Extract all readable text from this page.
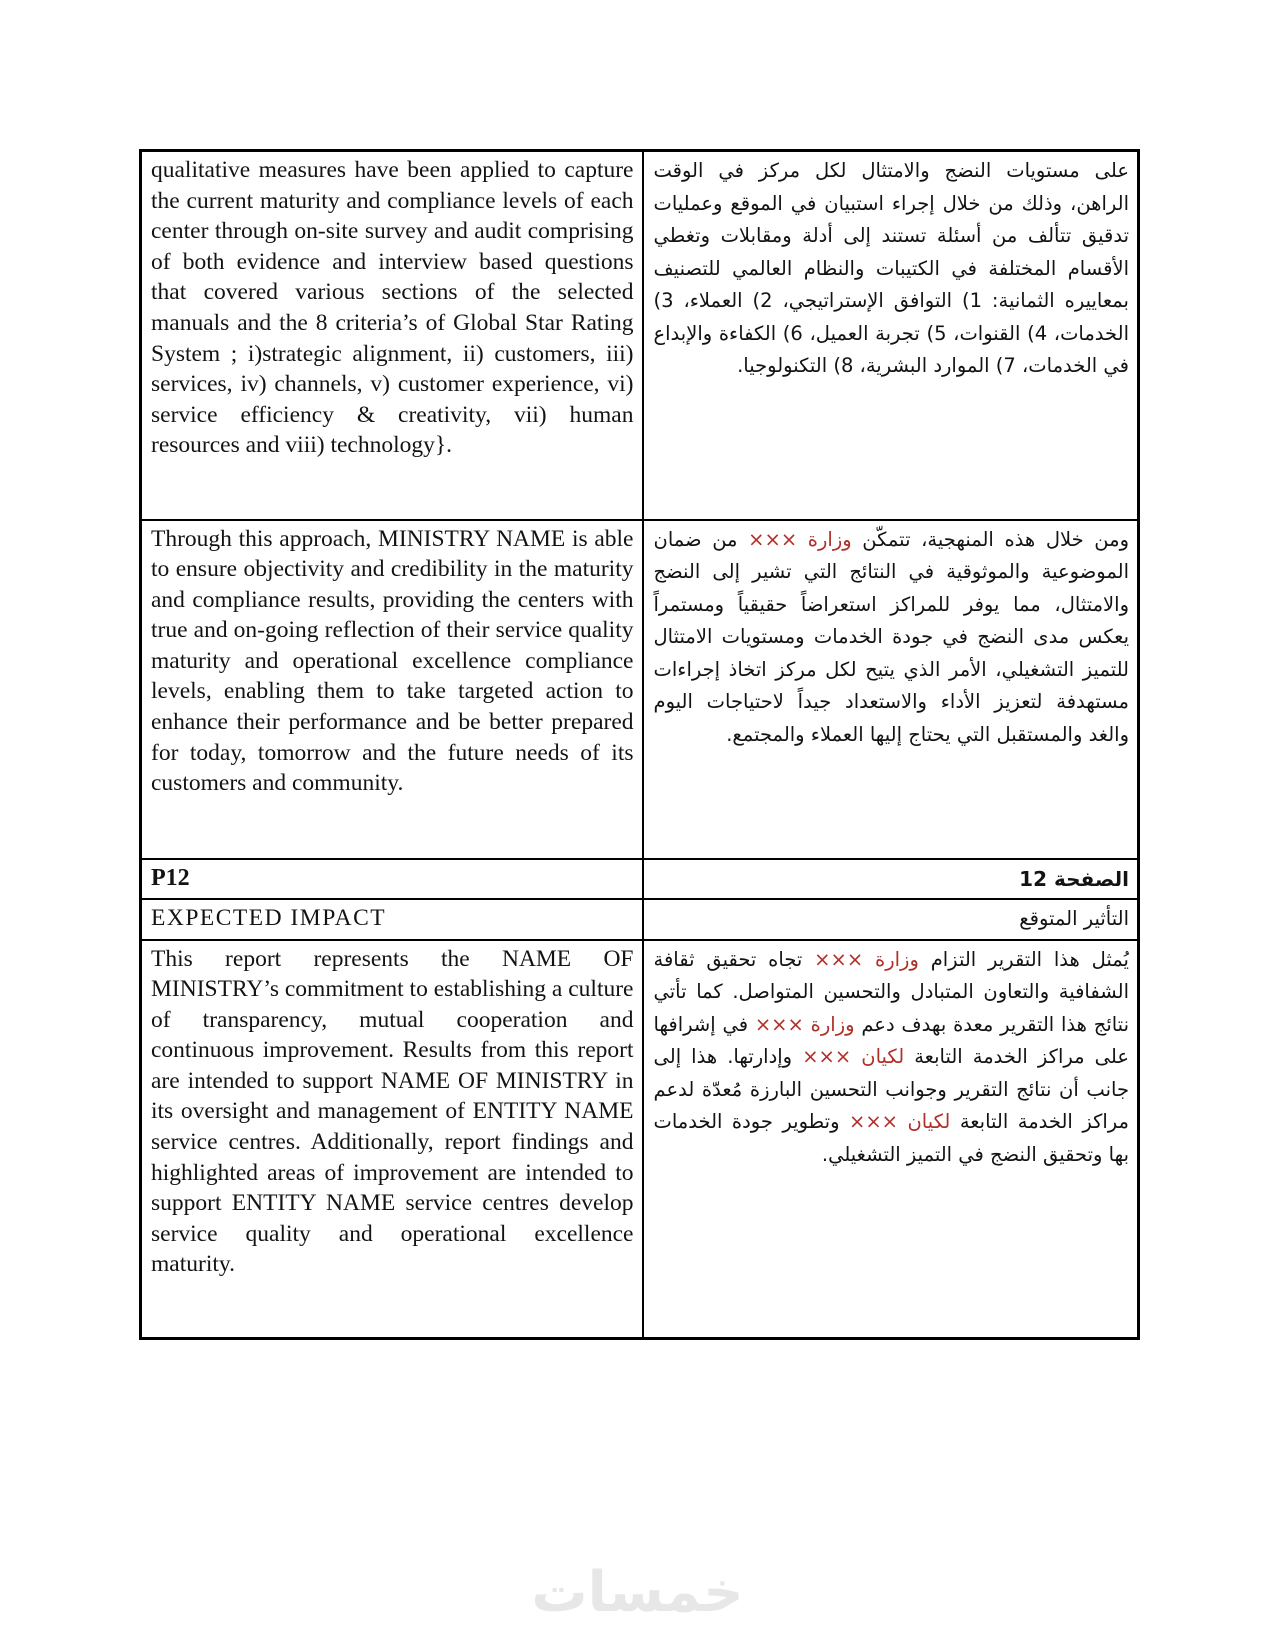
qualitative measures have been applied to capture the current maturity and compliance levels of each center through on-site survey and audit comprising of both evidence and interview based questions that covered various sections of the selected manuals and the 8 criteria’s of Global Star Rating System ; i)strategic alignment, ii) customers, iii) services, iv) channels, v) customer experience, vi) service efficiency & creativity, vii) human resources and viii) technology}.	على مستويات النضج والامتثال لكل مركز في الوقت الراهن، وذلك من خلال إجراء استبيان في الموقع وعمليات تدقيق تتألف من أسئلة تستند إلى أدلة ومقابلات وتغطي الأقسام المختلفة في الكتيبات والنظام العالمي للتصنيف بمعاييره الثمانية: 1) التوافق الإستراتيجي، 2) العملاء، 3) الخدمات، 4) القنوات، 5) تجربة العميل، 6) الكفاءة والإبداع في الخدمات، 7) الموارد البشرية، 8) التكنولوجيا.
Through this approach, MINISTRY NAME is able to ensure objectivity and credibility in the maturity and compliance results, providing the centers with true and on-going reflection of their service quality maturity and operational excellence compliance levels, enabling them to take targeted action to enhance their performance and be better prepared for today, tomorrow and the future needs of its customers and community.	ومن خلال هذه المنهجية، تتمكّن وزارة ××× من ضمان الموضوعية والموثوقية في النتائج التي تشير إلى النضج والامتثال، مما يوفر للمراكز استعراضاً حقيقياً ومستمراً يعكس مدى النضج في جودة الخدمات ومستويات الامتثال للتميز التشغيلي، الأمر الذي يتيح لكل مركز اتخاذ إجراءات مستهدفة لتعزيز الأداء والاستعداد جيداً لاحتياجات اليوم والغد والمستقبل التي يحتاج إليها العملاء والمجتمع.
P12	الصفحة 12
EXPECTED IMPACT	التأثير المتوقع
This report represents the NAME OF MINISTRY’s commitment to establishing a culture of transparency, mutual cooperation and continuous improvement. Results from this report are intended to support NAME OF MINISTRY in its oversight and management of ENTITY NAME service centres. Additionally, report findings and highlighted areas of improvement are intended to support ENTITY NAME service centres develop service quality and operational excellence maturity.	يُمثل هذا التقرير التزام وزارة ××× تجاه تحقيق ثقافة الشفافية والتعاون المتبادل والتحسين المتواصل. كما تأتي نتائج هذا التقرير معدة بهدف دعم وزارة ××× في إشرافها على مراكز الخدمة التابعة لكيان ××× وإدارتها. هذا إلى جانب أن نتائج التقرير وجوانب التحسين البارزة مُعدّة لدعم مراكز الخدمة التابعة لكيان ××× وتطوير جودة الخدمات بها وتحقيق النضج في التميز التشغيلي.
خمسات
